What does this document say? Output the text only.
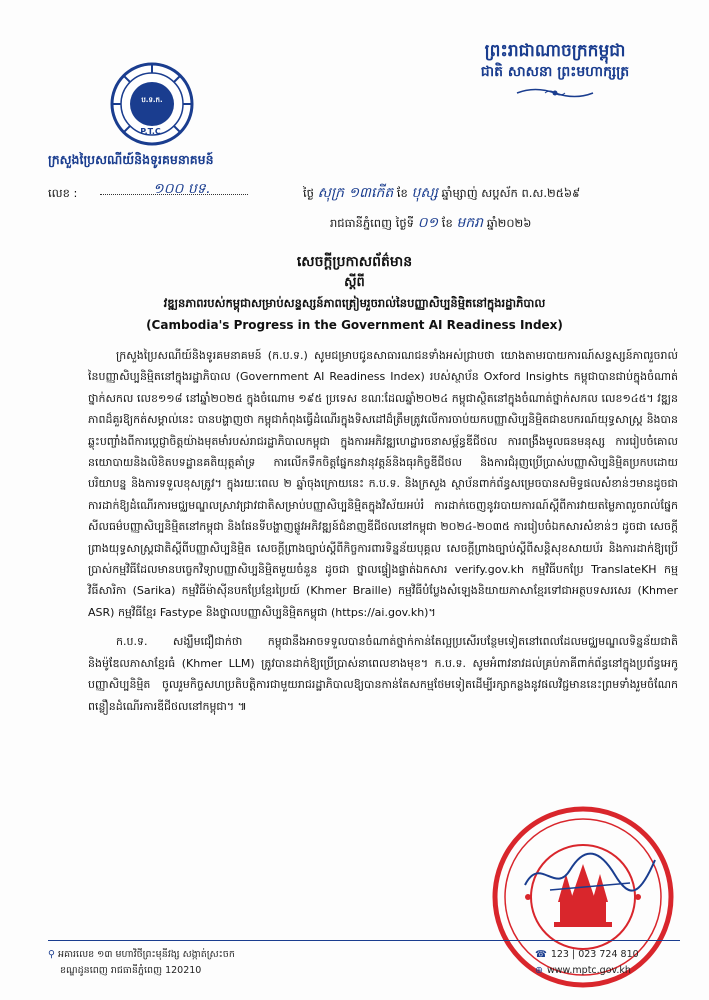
ព្រះរាជាណាចក្រកម្ពុជា
ជាតិ សាសនា ព្រះមហាក្សត្រ
ប.ទ.ក.
P.T.C.
ក្រសួងប្រៃសណីយ៍និងទូរគមនាគមន៍
លេខ :	១០០ បទ.	ថ្ងៃ សុក្រ ១៣កើត ខែ បុស្ស ឆ្នាំម្សាញ់ សប្តស័ក ព.ស.២៥៦៩
រាជធានីភ្នំពេញ ថ្ងៃទី ០១ ខែ មករា ឆ្នាំ២០២៦
សេចក្ដីប្រកាសព័ត៌មាន
ស្ដីពី
វឌ្ឍនភាពរបស់កម្ពុជាសម្រាប់សន្ទស្សន៍ភាពត្រៀមរួចរាល់នៃបញ្ញាសិប្បនិម្មិតនៅក្នុងរដ្ឋាភិបាល
(Cambodia's Progress in the Government AI Readiness Index)

ក្រសួងប្រៃសណីយ៍និងទូរគមនាគមន៍ (ក.ប.ទ.) សូមជម្រាបជូនសាធារណជនទាំងអស់ជ្រាបថា យោងតាមរបាយការណ៍សន្ទស្សន៍ភាពរួចរាល់នៃបញ្ញាសិប្បនិម្មិតនៅក្នុងរដ្ឋាភិបាល (Government AI Readiness Index) របស់ស្ថាប័ន Oxford Insights កម្ពុជាបានជាប់ក្នុងចំណាត់ថ្នាក់សកល លេខ១១៨ នៅឆ្នាំ២០២៥ ក្នុងចំណោម ១៩៥ ប្រទេស ខណៈដែលឆ្នាំ២០២៤ កម្ពុជាស្ថិតនៅក្នុងចំណាត់ថ្នាក់សកល លេខ១៤៥។ វឌ្ឍនភាពដ៏គួរឱ្យកត់សម្គាល់នេះ បានបង្ហាញថា កម្ពុជាកំពុងធ្វើដំណើរក្នុងទិសដៅដ៏ត្រឹមត្រូវលើការចាប់យកបញ្ញាសិប្បនិម្មិតជាឧបករណ៍យុទ្ធសាស្ត្រ និងបានឆ្លុះបញ្ចាំងពីការប្ដេជ្ញាចិត្តយ៉ាងមុតមាំរបស់រាជរដ្ឋាភិបាលកម្ពុជា ក្នុងការអភិវឌ្ឍហេដ្ឋារចនាសម្ព័ន្ធឌីជីថល ការពង្រឹងមូលធនមនុស្ស ការរៀបចំគោលនយោបាយនិងលិខិតបទដ្ឋានគតិយុត្តគាំទ្រ ការលើកទឹកចិត្តផ្នែកនវានុវត្តន៍និងធុរកិច្ចឌីជីថល និងការជំរុញប្រើប្រាស់បញ្ញាសិប្បនិម្មិតប្រកបដោយបរិយាបន្ន និងការទទួលខុសត្រូវ។ ក្នុងរយៈពេល ២ ឆ្នាំចុងក្រោយនេះ ក.ប.ទ. និងក្រសួង ស្ថាប័នពាក់ព័ន្ធសម្រេចបានសមិទ្ធផលសំខាន់ៗមានដូចជា ការដាក់ឱ្យដំណើរការមជ្ឈមណ្ឌលស្រាវជ្រាវជាតិសម្រាប់បញ្ញាសិប្បនិម្មិតក្នុងវិស័យអប់រំ ការដាក់ចេញនូវរបាយការណ៍ស្ដីពីការវាយតម្លៃភាពរួចរាល់ផ្នែកសីលធម៌បញ្ញាសិប្បនិម្មិតនៅកម្ពុជា និងផែនទីបង្ហាញផ្លូវអភិវឌ្ឍន៍ជំនាញឌីជីថលនៅកម្ពុជា ២០២៤-២០៣៥ ការរៀបចំឯកសារសំខាន់ៗ ដូចជា សេចក្ដីព្រាងយុទ្ធសាស្ត្រជាតិស្ដីពីបញ្ញាសិប្បនិម្មិត សេចក្ដីព្រាងច្បាប់ស្ដីពីកិច្ចការពារទិន្នន័យបុគ្គល សេចក្ដីព្រាងច្បាប់ស្ដីពីសន្ដិសុខសាយប័រ និងការដាក់ឱ្យប្រើប្រាស់កម្មវិធីដែលមានបច្ចេកវិទ្យាបញ្ញាសិប្បនិម្មិតមួយចំនួន ដូចជា ថ្នាលផ្ទៀងផ្ទាត់ឯកសារ verify.gov.kh កម្មវិធីបកប្រែ TranslateKH កម្មវិធីសារិកា (Sarika) កម្មវិធីម៉ាស៊ីនបកប្រែខ្មែរប្រៃយ៍ (Khmer Braille) កម្មវិធីបំប្លែងសំឡេងនិយាយភាសាខ្មែរទៅជាអត្ថបទសរសេរ (Khmer ASR) កម្មវិធីខ្មែរ Fastype និងថ្នាលបញ្ញាសិប្បនិម្មិតកម្ពុជា (https://ai.gov.kh)។

ក.ប.ទ. សង្ឃឹមជឿជាក់ថា កម្ពុជានឹងអាចទទួលបានចំណាត់ថ្នាក់កាន់តែល្អប្រសើរបន្ថែមទៀតនៅពេលដែលមជ្ឈមណ្ឌលទិន្នន័យជាតិ និងម៉ូឌែលភាសាខ្មែរធំ (Khmer LLM) ត្រូវបានដាក់ឱ្យប្រើប្រាស់នាពេលខាងមុខ។ ក.ប.ទ. សូមអំពាវនាវដល់គ្រប់ភាគីពាក់ព័ន្ធនៅក្នុងប្រព័ន្ធអេកូបញ្ញាសិប្បនិម្មិត ចូលរួមកិច្ចសហប្រតិបត្តិការជាមួយរាជរដ្ឋាភិបាលឱ្យបានកាន់តែសកម្មថែមទៀតដើម្បីរក្សាកន្លងនូវផលវិជ្ជមាននេះព្រមទាំងរួមចំណែកពន្លឿនដំណើរការឌីជីថលនៅកម្ពុជា។ ៕

⚲ អគារលេខ ១៣ មហាវិថីព្រះមុនីវង្ស សង្កាត់ស្រះចក
ខណ្ឌដូនពេញ រាជធានីភ្នំពេញ 120210
☎ 123 | 023 724 810
⊕ www.mptc.gov.kh
